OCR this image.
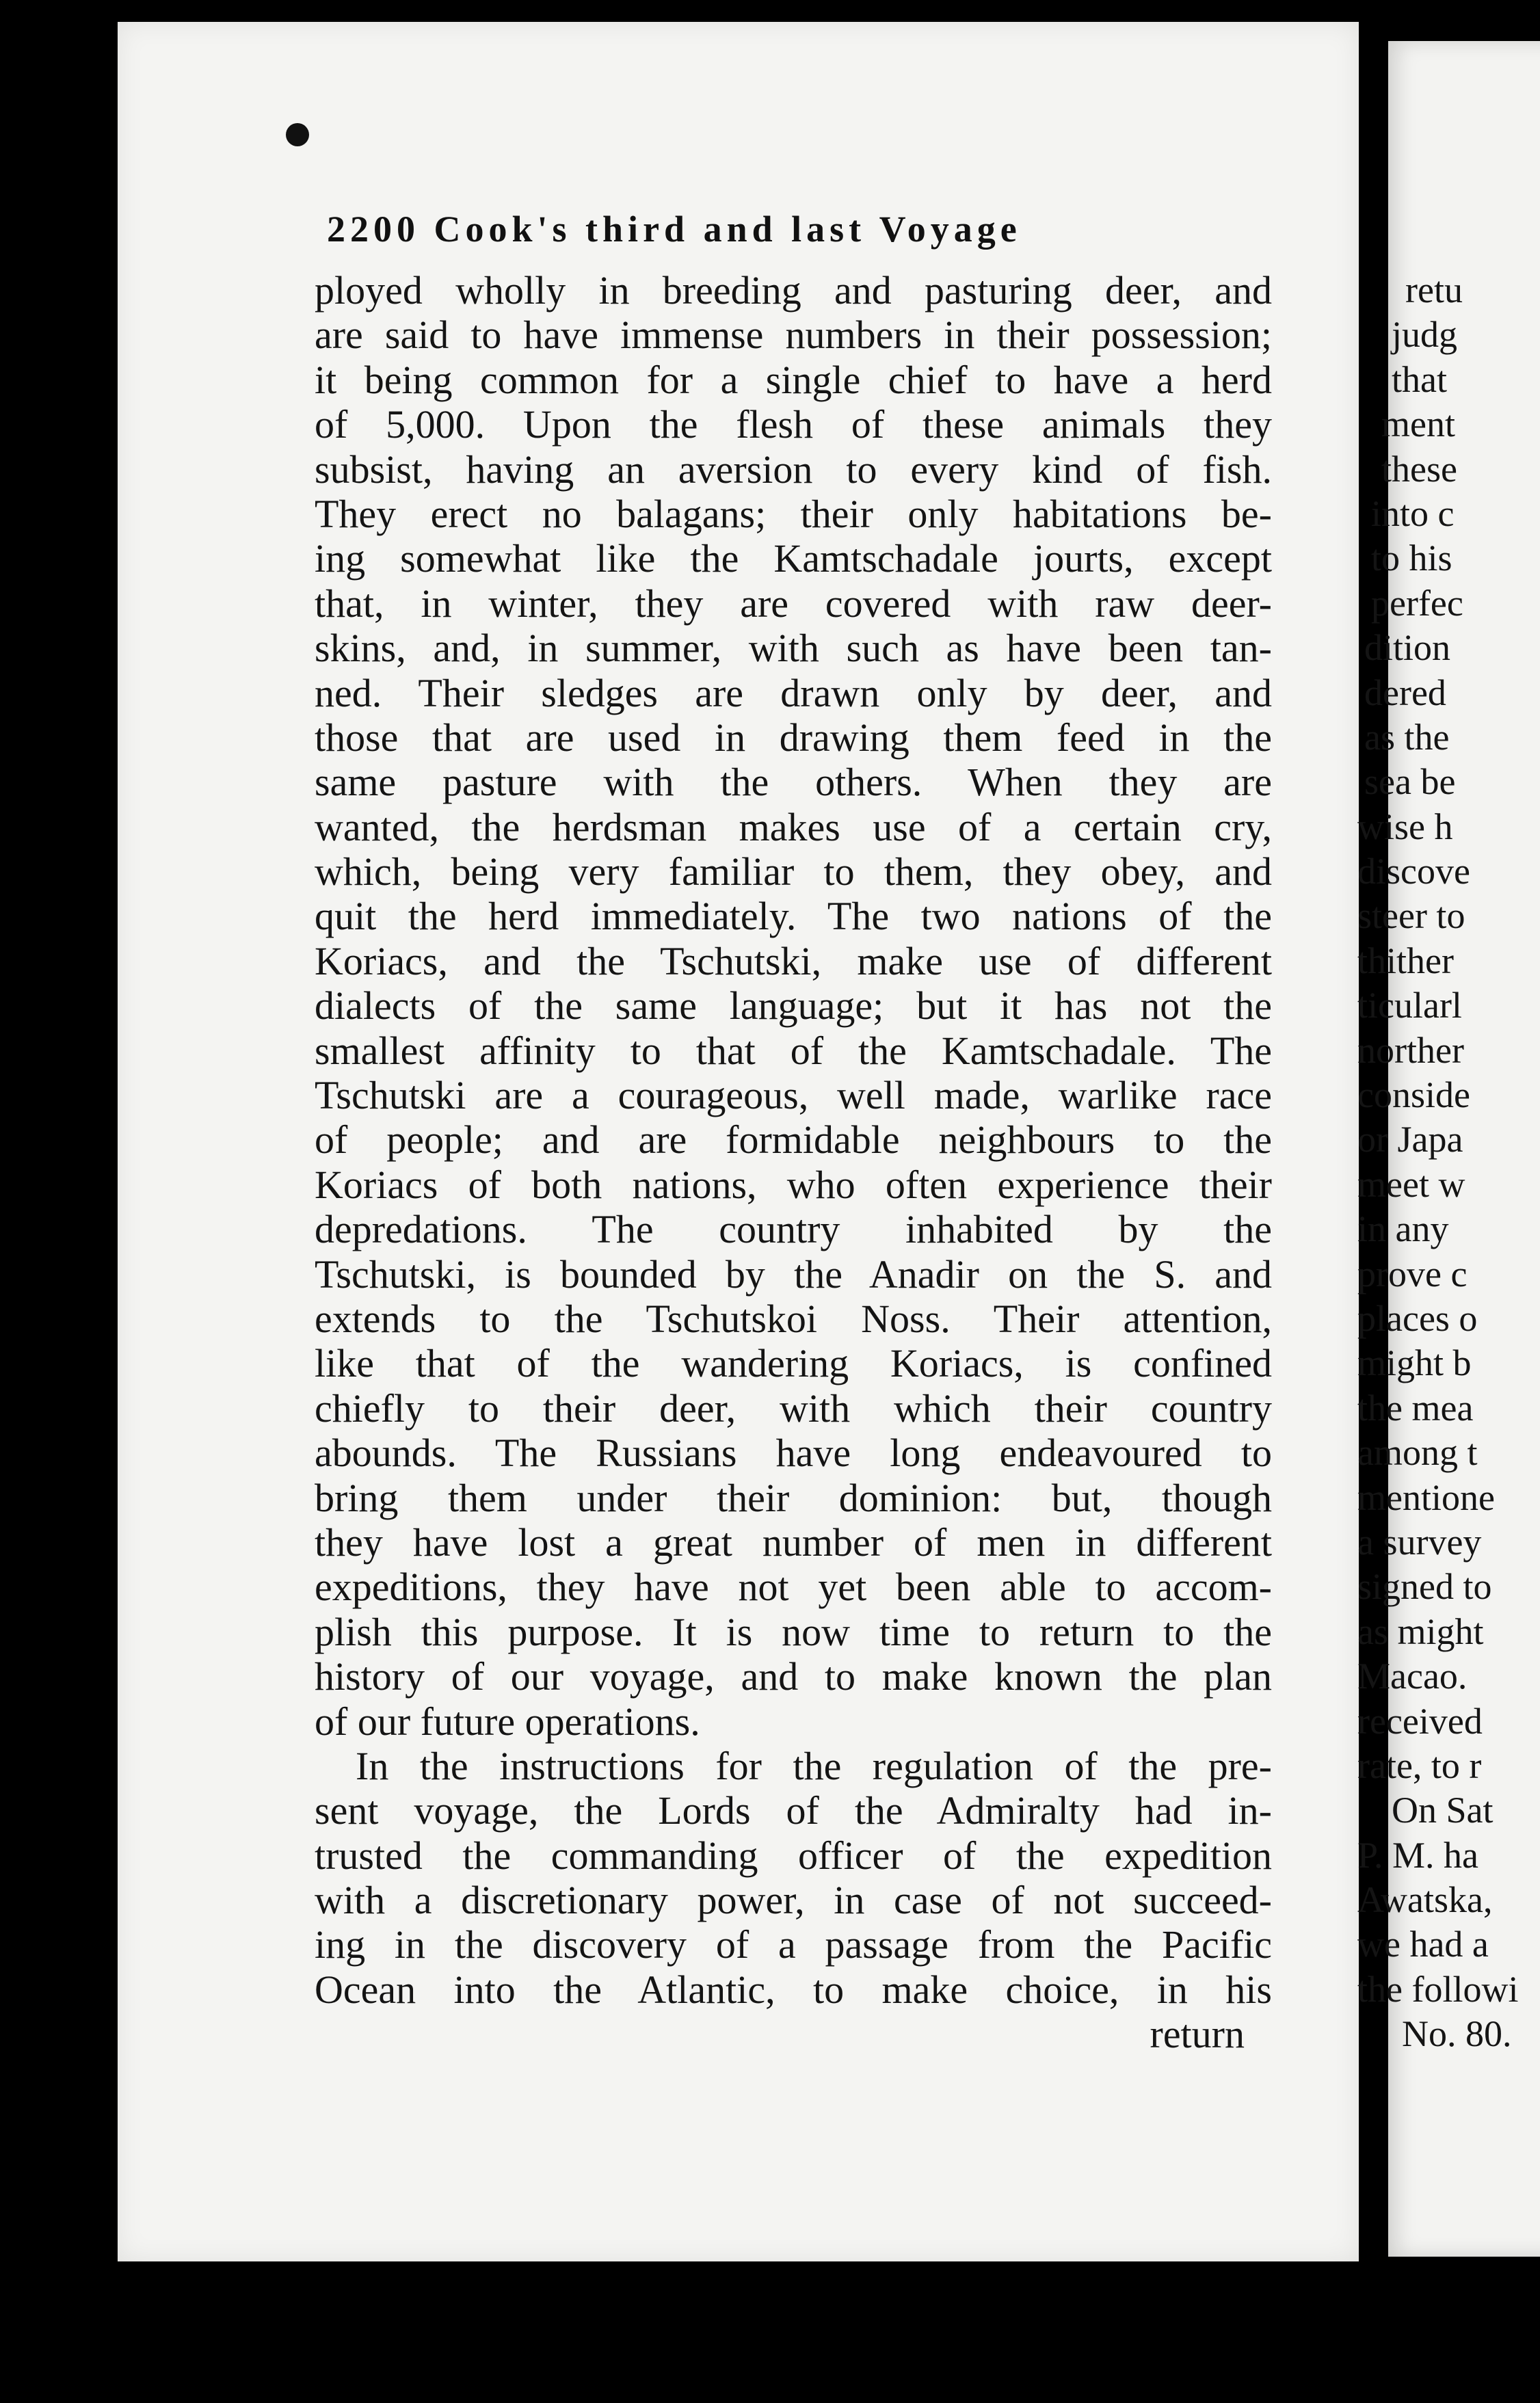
2200 Cook's third and last Voyage
ployed wholly in breeding and pasturing deer, and
are said to have immense numbers in their possession;
it being common for a single chief to have a herd
of 5,000. Upon the flesh of these animals they
subsist, having an aversion to every kind of fish.
They erect no balagans; their only habitations be-
ing somewhat like the Kamtschadale jourts, except
that, in winter, they are covered with raw deer-
skins, and, in summer, with such as have been tan-
ned. Their sledges are drawn only by deer, and
those that are used in drawing them feed in the
same pasture with the others. When they are
wanted, the herdsman makes use of a certain cry,
which, being very familiar to them, they obey, and
quit the herd immediately. The two nations of the
Koriacs, and the Tschutski, make use of different
dialects of the same language; but it has not the
smallest affinity to that of the Kamtschadale. The
Tschutski are a courageous, well made, warlike race
of people; and are formidable neighbours to the
Koriacs of both nations, who often experience their
depredations. The country inhabited by the
Tschutski, is bounded by the Anadir on the S. and
extends to the Tschutskoi Noss. Their attention,
like that of the wandering Koriacs, is confined
chiefly to their deer, with which their country
abounds. The Russians have long endeavoured to
bring them under their dominion: but, though
they have lost a great number of men in different
expeditions, they have not yet been able to accom-
plish this purpose. It is now time to return to the
history of our voyage, and to make known the plan
of our future operations.
In the instructions for the regulation of the pre-
sent voyage, the Lords of the Admiralty had in-
trusted the commanding officer of the expedition
with a discretionary power, in case of not succeed-
ing in the discovery of a passage from the Pacific
Ocean into the Atlantic, to make choice, in his
return
retu
judg
that
ment
these
into c
to his
perfec
dition
dered
as the
sea be
wise h
discove
steer to
thither
ticularl
norther
conside
or Japa
meet w
in any
prove c
places o
might b
the mea
among t
mentione
a survey
signed to
as might
Macao.
received
rate, to r
On Sat
P. M. ha
Awatska,
we had a
the followi
No. 80.
